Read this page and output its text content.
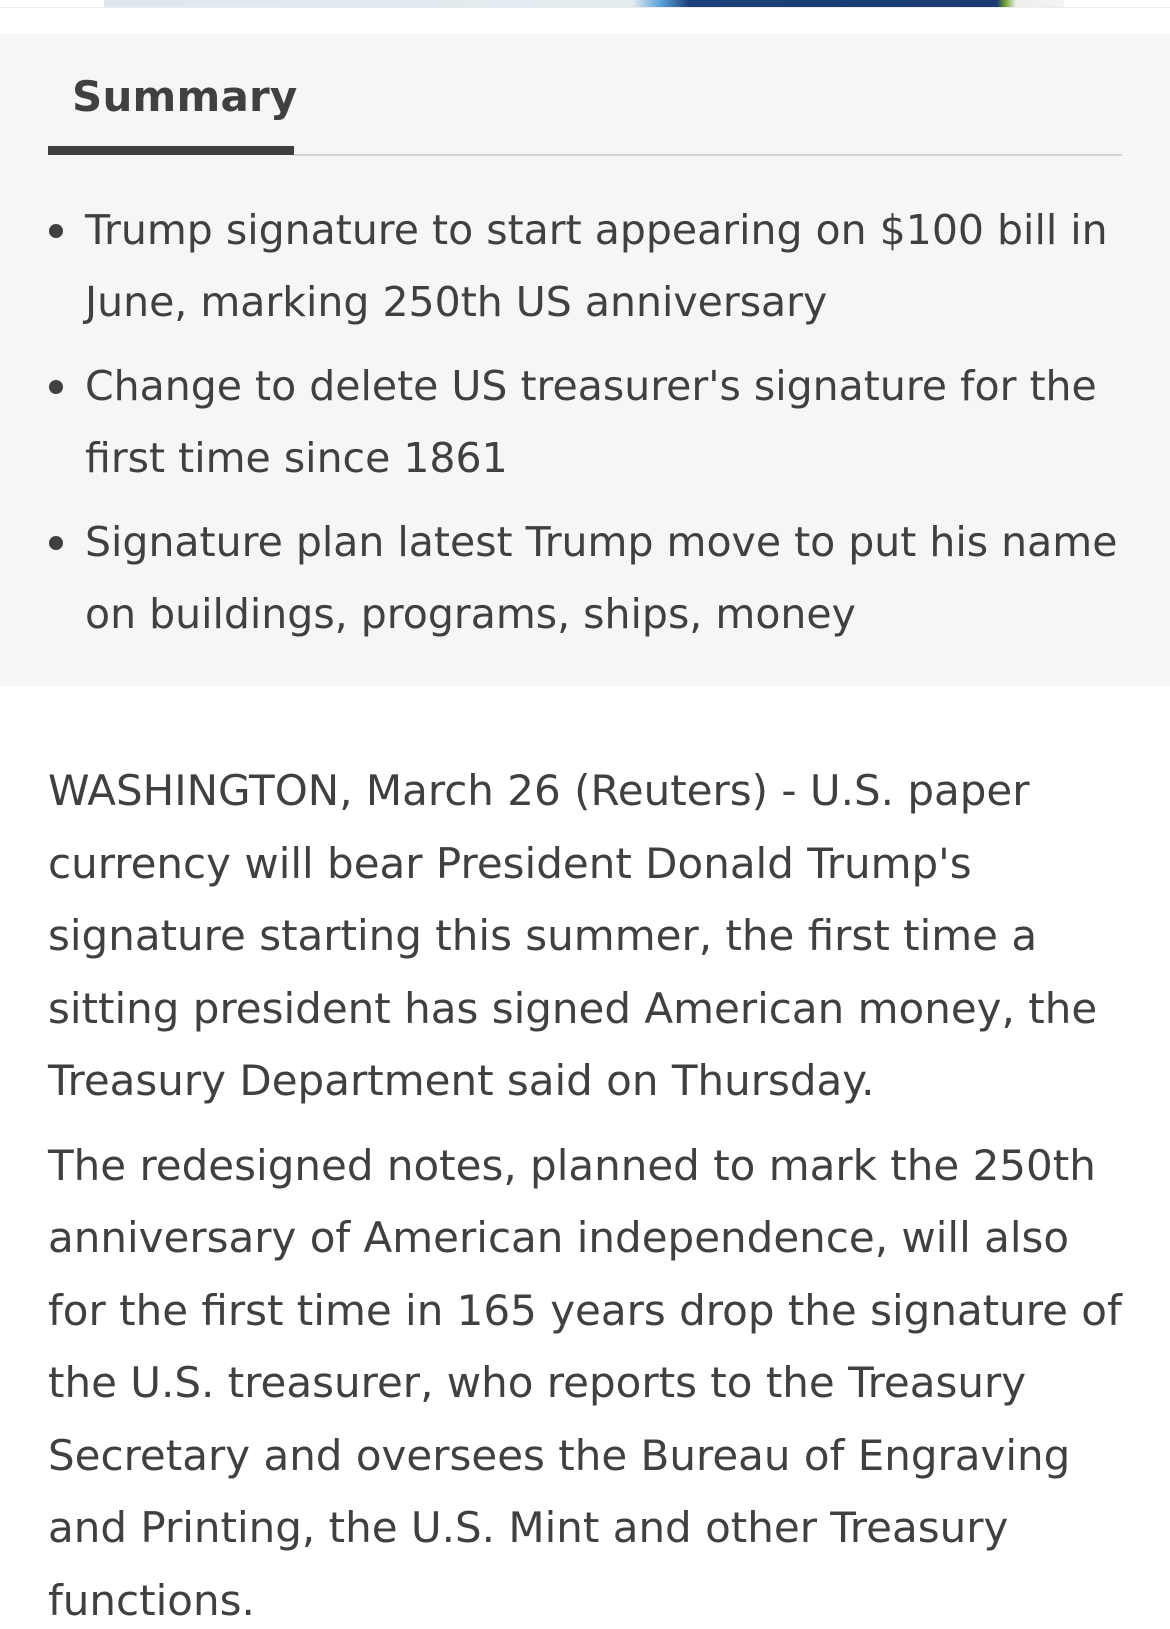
Summary
Trump signature to start appearing on $100 bill in June, marking 250th US anniversary
Change to delete US treasurer's signature for the first time since 1861
Signature plan latest Trump move to put his name on buildings, programs, ships, money

WASHINGTON, March 26 (Reuters) - U.S. paper currency will bear President Donald Trump's signature starting this summer, the first time a sitting president has signed American money, the Treasury Department said on Thursday.

The redesigned notes, planned to mark the 250th anniversary of American independence, will also for the first time in 165 years drop the signature of the U.S. treasurer, who reports to the Treasury Secretary and oversees the Bureau of Engraving and Printing, the U.S. Mint and other Treasury functions.
